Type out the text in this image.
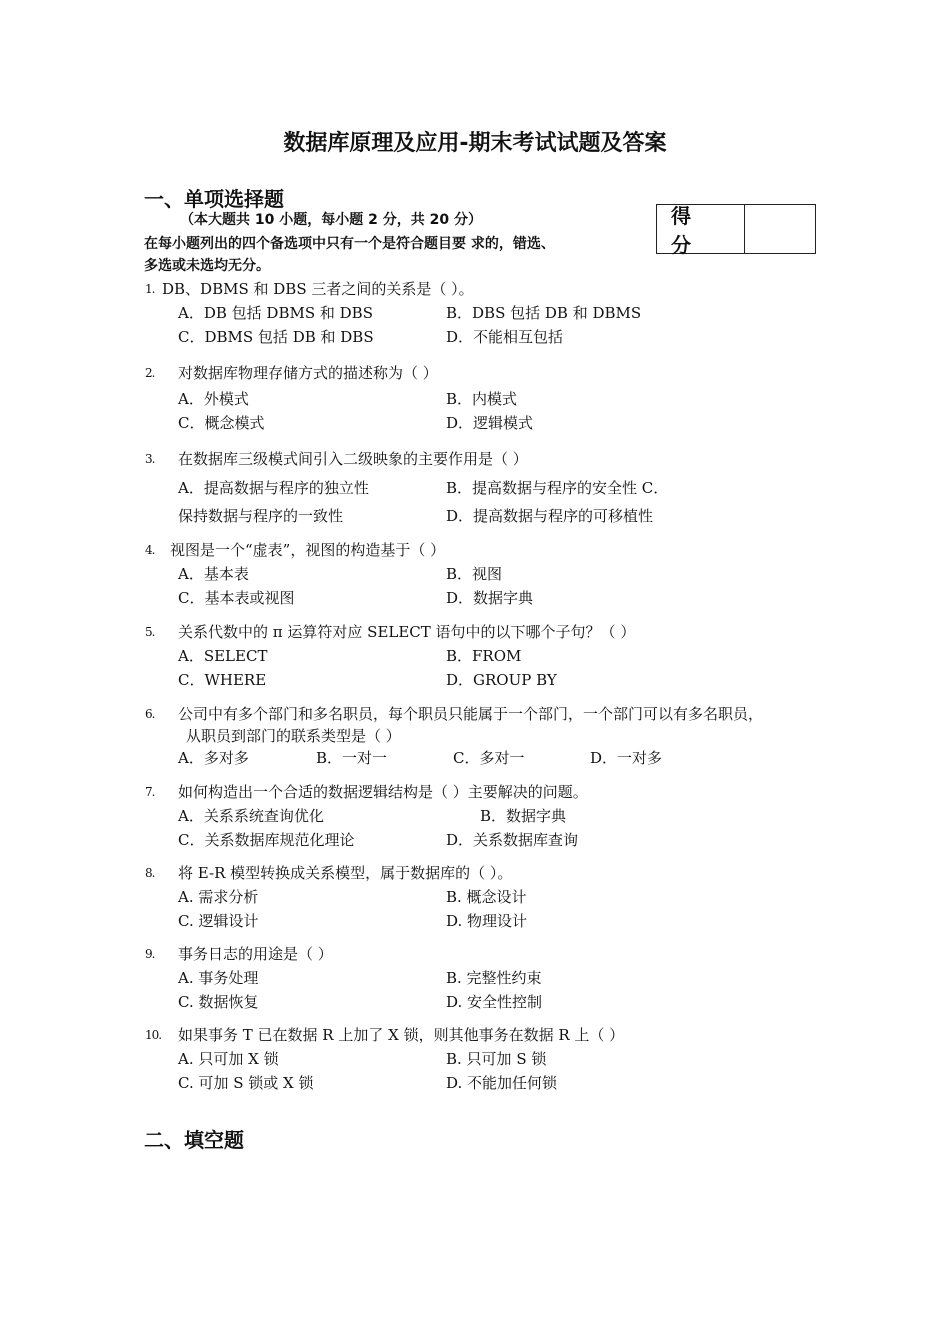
数据库原理及应用-期末考试试题及答案
一、单项选择题
（本大题共 10 小题，每小题 2 分，共 20 分）
在每小题列出的四个备选项中只有一个是符合题目要 求的，错选、
多选或未选均无分。
得 分
1. DB、DBMS 和 DBS 三者之间的关系是（ ）。
A．DB 包括 DBMS 和 DBS	B．DBS 包括 DB 和 DBMS
C．DBMS 包括 DB 和 DBS	D．不能相互包括
2. 对数据库物理存储方式的描述称为（ ）
A．外模式	B．内模式
C．概念模式	D．逻辑模式
3. 在数据库三级模式间引入二级映象的主要作用是（ ）
A．提高数据与程序的独立性	B．提高数据与程序的安全性 C．
保持数据与程序的一致性	D．提高数据与程序的可移植性
4. 视图是一个“虚表”，视图的构造基于（ ）
A．基本表	B．视图
C．基本表或视图	D．数据字典
5. 关系代数中的 π 运算符对应 SELECT 语句中的以下哪个子句？（ ）
A．SELECT	B．FROM
C．WHERE	D．GROUP BY
6. 公司中有多个部门和多名职员，每个职员只能属于一个部门，一个部门可以有多名职员，
从职员到部门的联系类型是（ ）
A．多对多	B．一对一	C．多对一	D．一对多
7. 如何构造出一个合适的数据逻辑结构是（ ）主要解决的问题。
A．关系系统查询优化	B．数据字典
C．关系数据库规范化理论	D．关系数据库查询
8. 将 E-R 模型转换成关系模型，属于数据库的（ ）。
A. 需求分析	B. 概念设计
C. 逻辑设计	D. 物理设计
9. 事务日志的用途是（ ）
A. 事务处理	B. 完整性约束
C. 数据恢复	D. 安全性控制
10. 如果事务 T 已在数据 R 上加了 X 锁，则其他事务在数据 R 上（ ）
A. 只可加 X 锁	B. 只可加 S 锁
C. 可加 S 锁或 X 锁	D. 不能加任何锁
二、填空题
